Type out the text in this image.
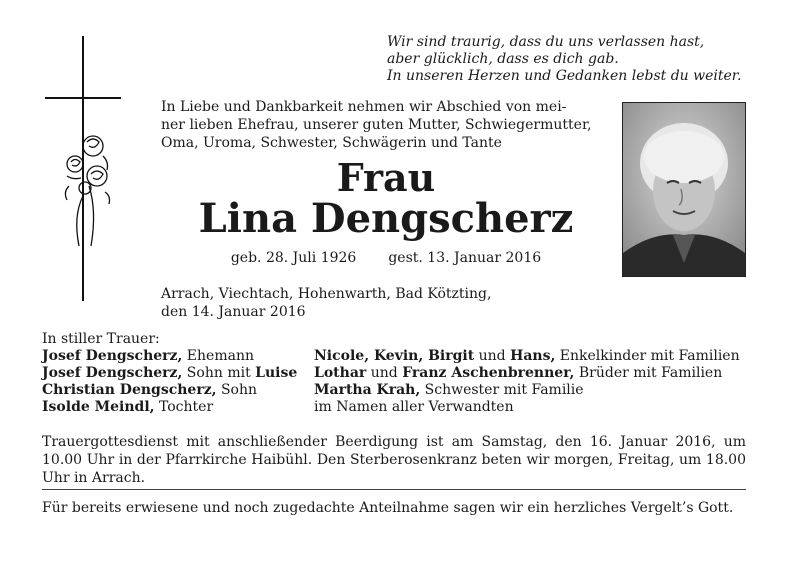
Wir sind traurig, dass du uns verlassen hast,
aber glücklich, dass es dich gab.
In unseren Herzen und Gedanken lebst du weiter.
In Liebe und Dankbarkeit nehmen wir Abschied von mei-
ner lieben Ehefrau, unserer guten Mutter, Schwiegermutter,
Oma, Uroma, Schwester, Schwägerin und Tante
Frau
Lina Dengscherz
geb. 28. Juli 1926 gest. 13. Januar 2016
Arrach, Viechtach, Hohenwarth, Bad Kötzting,
den 14. Januar 2016
In stiller Trauer:
Josef Dengscherz, Ehemann
Josef Dengscherz, Sohn mit Luise
Christian Dengscherz, Sohn
Isolde Meindl, Tochter
Nicole, Kevin, Birgit und Hans, Enkelkinder mit Familien
Lothar und Franz Aschenbrenner, Brüder mit Familien
Martha Krah, Schwester mit Familie
im Namen aller Verwandten
Trauergottesdienst mit anschließender Beerdigung ist am Samstag, den 16. Januar 2016, um 10.00 Uhr in der Pfarrkirche Haibühl. Den Sterberosenkranz beten wir morgen, Freitag, um 18.00 Uhr in Arrach.
Für bereits erwiesene und noch zugedachte Anteilnahme sagen wir ein herzliches Vergelt’s Gott.
